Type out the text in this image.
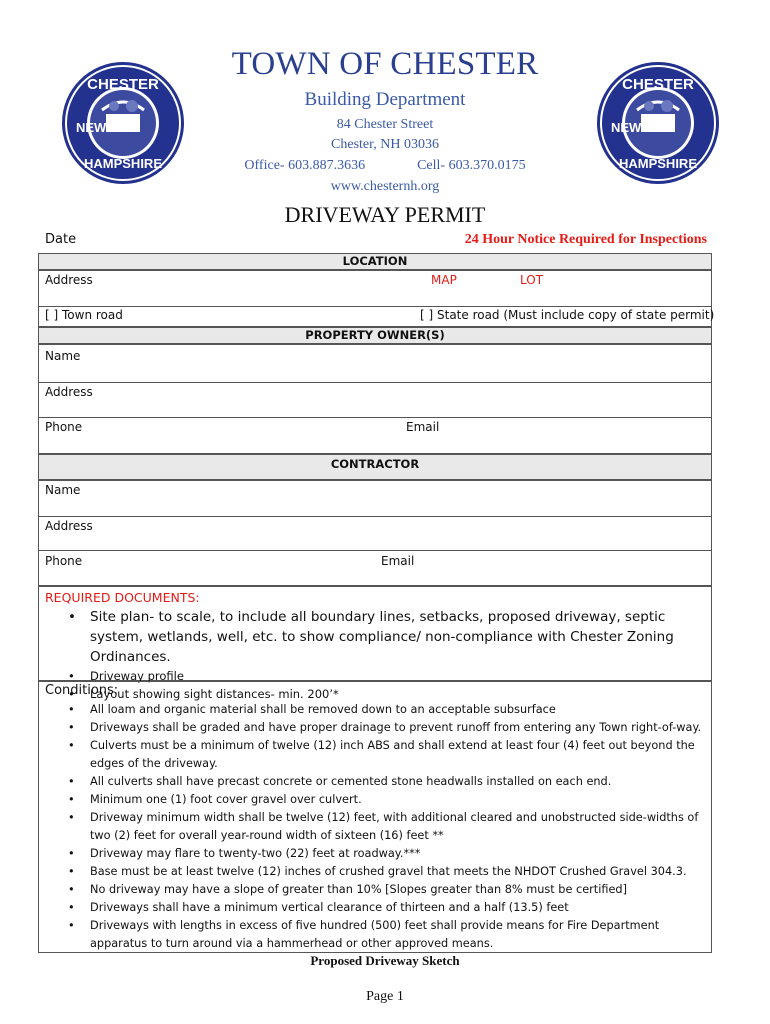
CHESTER
HAMPSHIRE
NEW
CHESTER
HAMPSHIRE
NEW
TOWN OF CHESTER
Building Department
84 Chester Street
Chester, NH 03036
Office- 603.887.3636	Cell- 603.370.0175
www.chesternh.org
DRIVEWAY PERMIT
Date	24 Hour Notice Required for Inspections
LOCATION
Address	MAP	LOT
[ ] Town road	[ ] State road (Must include copy of state permit)
PROPERTY OWNER(S)
Name
Address
Phone	Email
CONTRACTOR
Name
Address
Phone	Email
REQUIRED DOCUMENTS:
• Site plan- to scale, to include all boundary lines, setbacks, proposed driveway, septic system, wetlands, well, etc. to show compliance/ non-compliance with Chester Zoning Ordinances.
• Driveway profile
• Layout showing sight distances- min. 200’*
Conditions:
• All loam and organic material shall be removed down to an acceptable subsurface
• Driveways shall be graded and have proper drainage to prevent runoff from entering any Town right-of-way.
• Culverts must be a minimum of twelve (12) inch ABS and shall extend at least four (4) feet out beyond the edges of the driveway.
• All culverts shall have precast concrete or cemented stone headwalls installed on each end.
• Minimum one (1) foot cover gravel over culvert.
• Driveway minimum width shall be twelve (12) feet, with additional cleared and unobstructed side-widths of two (2) feet for overall year-round width of sixteen (16) feet **
• Driveway may flare to twenty-two (22) feet at roadway.***
• Base must be at least twelve (12) inches of crushed gravel that meets the NHDOT Crushed Gravel 304.3.
• No driveway may have a slope of greater than 10% [Slopes greater than 8% must be certified]
• Driveways shall have a minimum vertical clearance of thirteen and a half (13.5) feet
• Driveways with lengths in excess of five hundred (500) feet shall provide means for Fire Department apparatus to turn around via a hammerhead or other approved means.
Proposed Driveway Sketch
Page 1
